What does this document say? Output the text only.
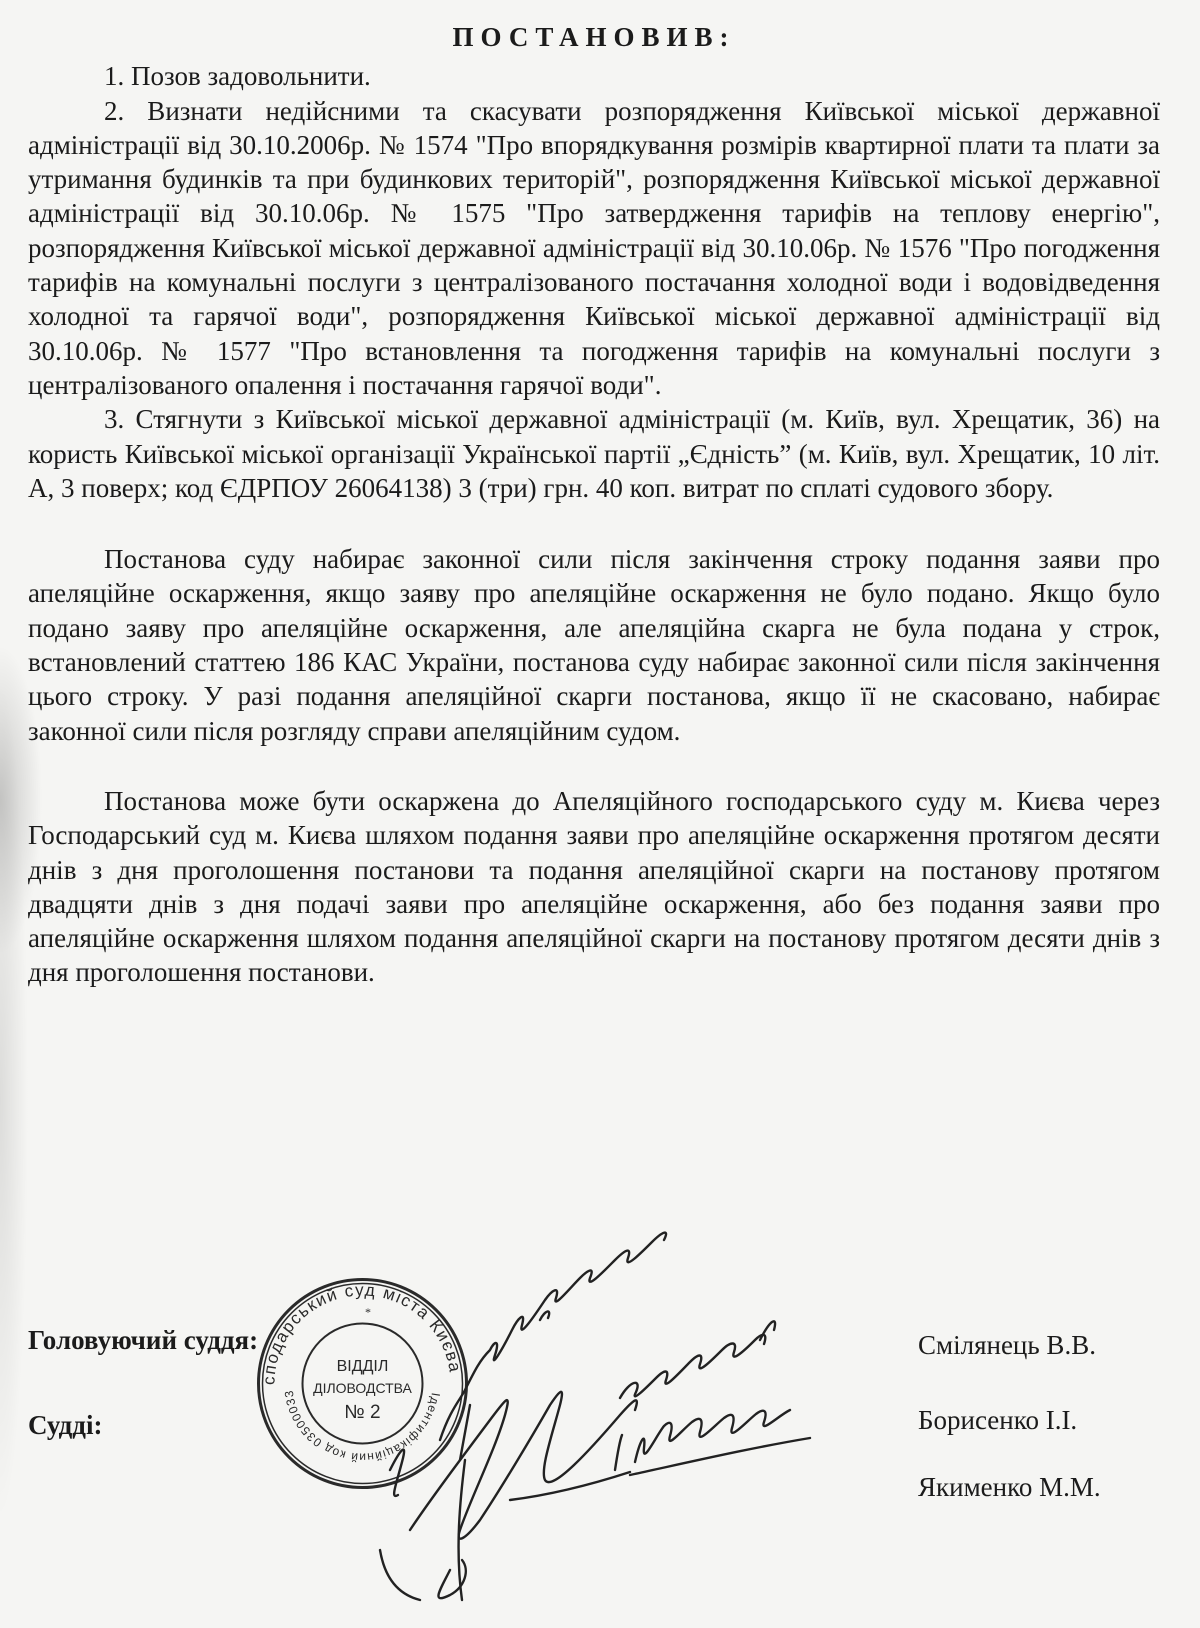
ПОСТАНОВИВ:

1. Позов задовольнити.

2. Визнати недійсними та скасувати розпорядження Київської міської державної адміністрації від 30.10.2006р. № 1574 "Про впорядкування розмірів квартирної плати та плати за утримання будинків та при будинкових територій", розпорядження Київської міської державної адміністрації від 30.10.06р. № 1575 "Про затвердження тарифів на теплову енергію", розпорядження Київської міської державної адміністрації від 30.10.06р. № 1576 "Про погодження тарифів на комунальні послуги з централізованого постачання холодної води і водовідведення холодної та гарячої води", розпорядження Київської міської державної адміністрації від 30.10.06р. № 1577 "Про встановлення та погодження тарифів на комунальні послуги з централізованого опалення і постачання гарячої води".

3. Стягнути з Київської міської державної адміністрації (м. Київ, вул. Хрещатик, 36) на користь Київської міської організації Української партії „Єдність” (м. Київ, вул. Хрещатик, 10 літ. А, 3 поверх; код ЄДРПОУ 26064138) 3 (три) грн. 40 коп. витрат по сплаті судового збору.

Постанова суду набирає законної сили після закінчення строку подання заяви про апеляційне оскарження, якщо заяву про апеляційне оскарження не було подано. Якщо було подано заяву про апеляційне оскарження, але апеляційна скарга не була подана у строк, встановлений статтею 186 КАС України, постанова суду набирає законної сили після закінчення цього строку. У разі подання апеляційної скарги постанова, якщо її не скасовано, набирає законної сили після розгляду справи апеляційним судом.

Постанова може бути оскаржена до Апеляційного господарського суду м. Києва через Господарський суд м. Києва шляхом подання заяви про апеляційне оскарження протягом десяти днів з дня проголошення постанови та подання апеляційної скарги на постанову протягом двадцяти днів з дня подачі заяви про апеляційне оскарження, або без подання заяви про апеляційне оскарження шляхом подання апеляційної скарги на постанову протягом десяти днів з дня проголошення постанови.

сподарський суд міста Києва
Ідентифікаційний код 03500033
ВІДДІЛ
ДІЛОВОДСТВА
№ 2
*
Головуючий суддя:
Судді:
Смілянець В.В.
Борисенко І.І.
Якименко М.М.
